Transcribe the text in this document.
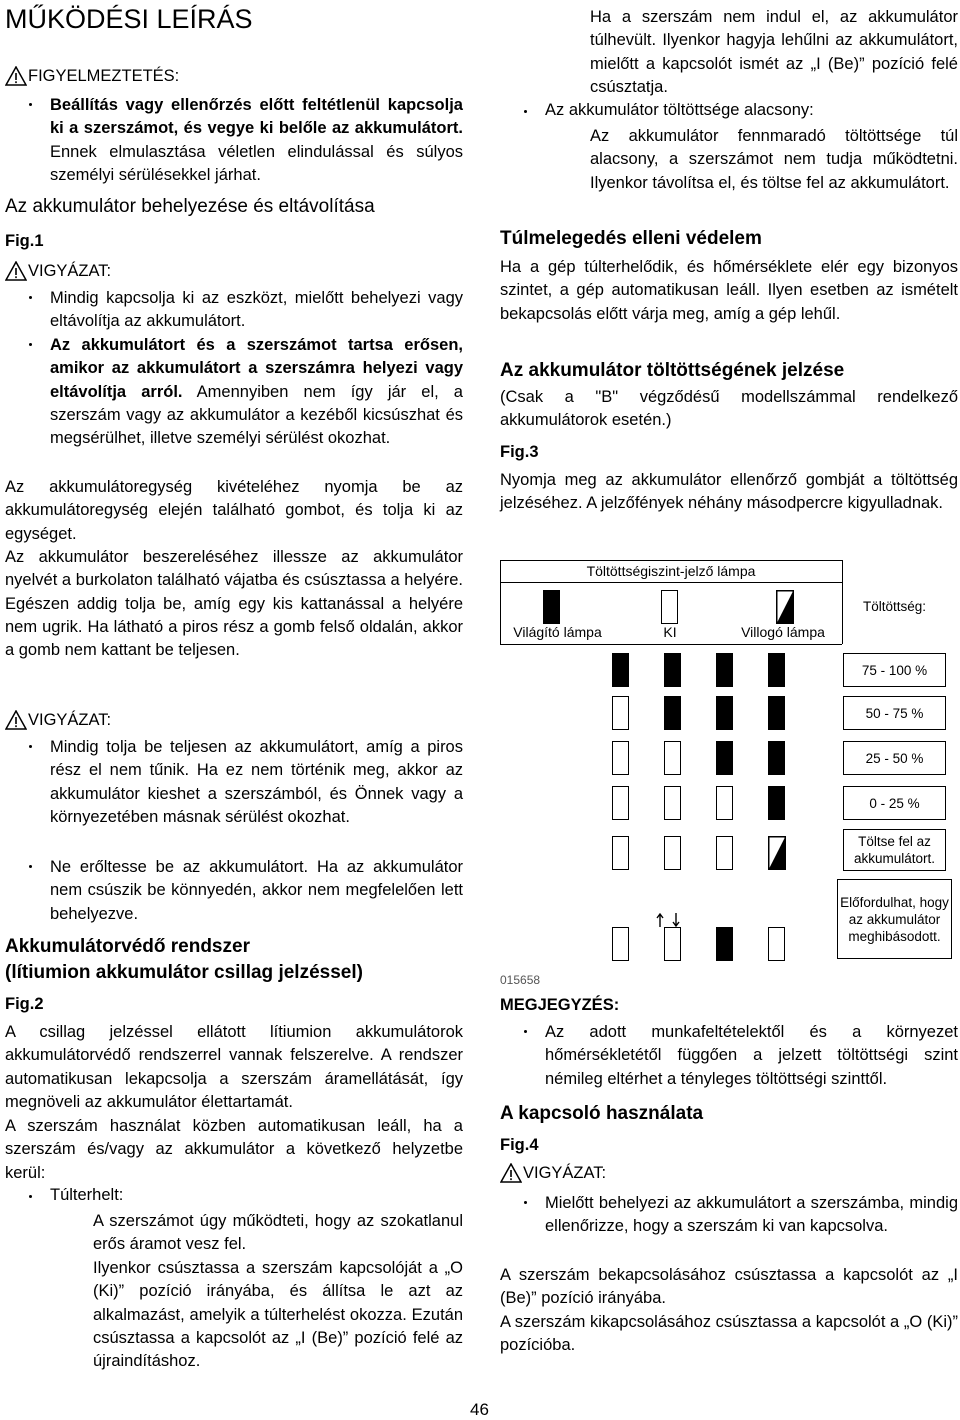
MŰKÖDÉSI LEÍRÁS
FIGYELMEZTETÉS:
Beállítás vagy ellenőrzés előtt feltétlenül kapcsolja ki a szerszámot, és vegye ki belőle az akkumulátort. Ennek elmulasztása véletlen elindulással és súlyos személyi sérülésekkel járhat.
Az akkumulátor behelyezése és eltávolítása
Fig.1
VIGYÁZAT:
Mindig kapcsolja ki az eszközt, mielőtt behelyezi vagy eltávolítja az akkumulátort.
Az akkumulátort és a szerszámot tartsa erősen, amikor az akkumulátort a szerszámra helyezi vagy eltávolítja arról. Amennyiben nem így jár el, a szerszám vagy az akkumulátor a kezéből kicsúszhat és megsérülhet, illetve személyi sérülést okozhat.
Az akkumulátoregység kivételéhez nyomja be az akkumulátoregység elején található gombot, és tolja ki az egységet.
Az akkumulátor beszereléséhez illessze az akkumulátor nyelvét a burkolaton található vájatba és csúsztassa a helyére. Egészen addig tolja be, amíg egy kis kattanással a helyére nem ugrik. Ha látható a piros rész a gomb felső oldalán, akkor a gomb nem kattant be teljesen.
VIGYÁZAT:
Mindig tolja be teljesen az akkumulátort, amíg a piros rész el nem tűnik. Ha ez nem történik meg, akkor az akkumulátor kieshet a szerszámból, és Önnek vagy a környezetében másnak sérülést okozhat.
Ne erőltesse be az akkumulátort. Ha az akkumulátor nem csúszik be könnyedén, akkor nem megfelelően lett behelyezve.
Akkumulátorvédő rendszer
(lítiumion akkumulátor csillag jelzéssel)
Fig.2
A csillag jelzéssel ellátott lítiumion akkumulátorok akkumulátorvédő rendszerrel vannak felszerelve. A rendszer automatikusan lekapcsolja a szerszám áramellátását, így megnöveli az akkumulátor élettartamát.
A szerszám használat közben automatikusan leáll, ha a szerszám és/vagy az akkumulátor a következő helyzetbe kerül:
Túlterhelt:
A szerszámot úgy működteti, hogy az szokatlanul erős áramot vesz fel.
Ilyenkor csúsztassa a szerszám kapcsolóját a „O (Ki)” pozíció irányába, és állítsa le azt az alkalmazást, amelyik a túlterhelést okozza. Ezután csúsztassa a kapcsolót az „I (Be)” pozíció felé az újraindításhoz.
Ha a szerszám nem indul el, az akkumulátor túlhevült. Ilyenkor hagyja lehűlni az akkumulátort, mielőtt a kapcsolót ismét az „I (Be)” pozíció felé csúsztatja.
Az akkumulátor töltöttsége alacsony:
Az akkumulátor fennmaradó töltöttsége túl alacsony, a szerszámot nem tudja működtetni. Ilyenkor távolítsa el, és töltse fel az akkumulátort.
Túlmelegedés elleni védelem
Ha a gép túlterhelődik, és hőmérséklete elér egy bizonyos szintet, a gép automatikusan leáll. Ilyen esetben az ismételt bekapcsolás előtt várja meg, amíg a gép lehűl.
Az akkumulátor töltöttségének jelzése
(Csak a "B" végződésű modellszámmal rendelkező akkumulátorok esetén.)
Fig.3
Nyomja meg az akkumulátor ellenőrző gombját a töltöttség jelzéséhez. A jelzőfények néhány másodpercre kigyulladnak.
Töltöttségiszint-jelző lámpa
Világító lámpa	KI	Villogó lámpa
Töltöttség:
75 - 100 %
50 - 75 %
25 - 50 %
0 - 25 %
Töltse fel az akkumulátort.
Előfordulhat, hogy az akkumulátor meghibásodott.
015658
MEGJEGYZÉS:
Az adott munkafeltételektől és a környezet hőmérsékletétől függően a jelzett töltöttségi szint némileg eltérhet a tényleges töltöttségi szinttől.
A kapcsoló használata
Fig.4
VIGYÁZAT:
Mielőtt behelyezi az akkumulátort a szerszámba, mindig ellenőrizze, hogy a szerszám ki van kapcsolva.
A szerszám bekapcsolásához csúsztassa a kapcsolót az „I (Be)” pozíció irányába.
A szerszám kikapcsolásához csúsztassa a kapcsolót a „O (Ki)” pozícióba.
46
